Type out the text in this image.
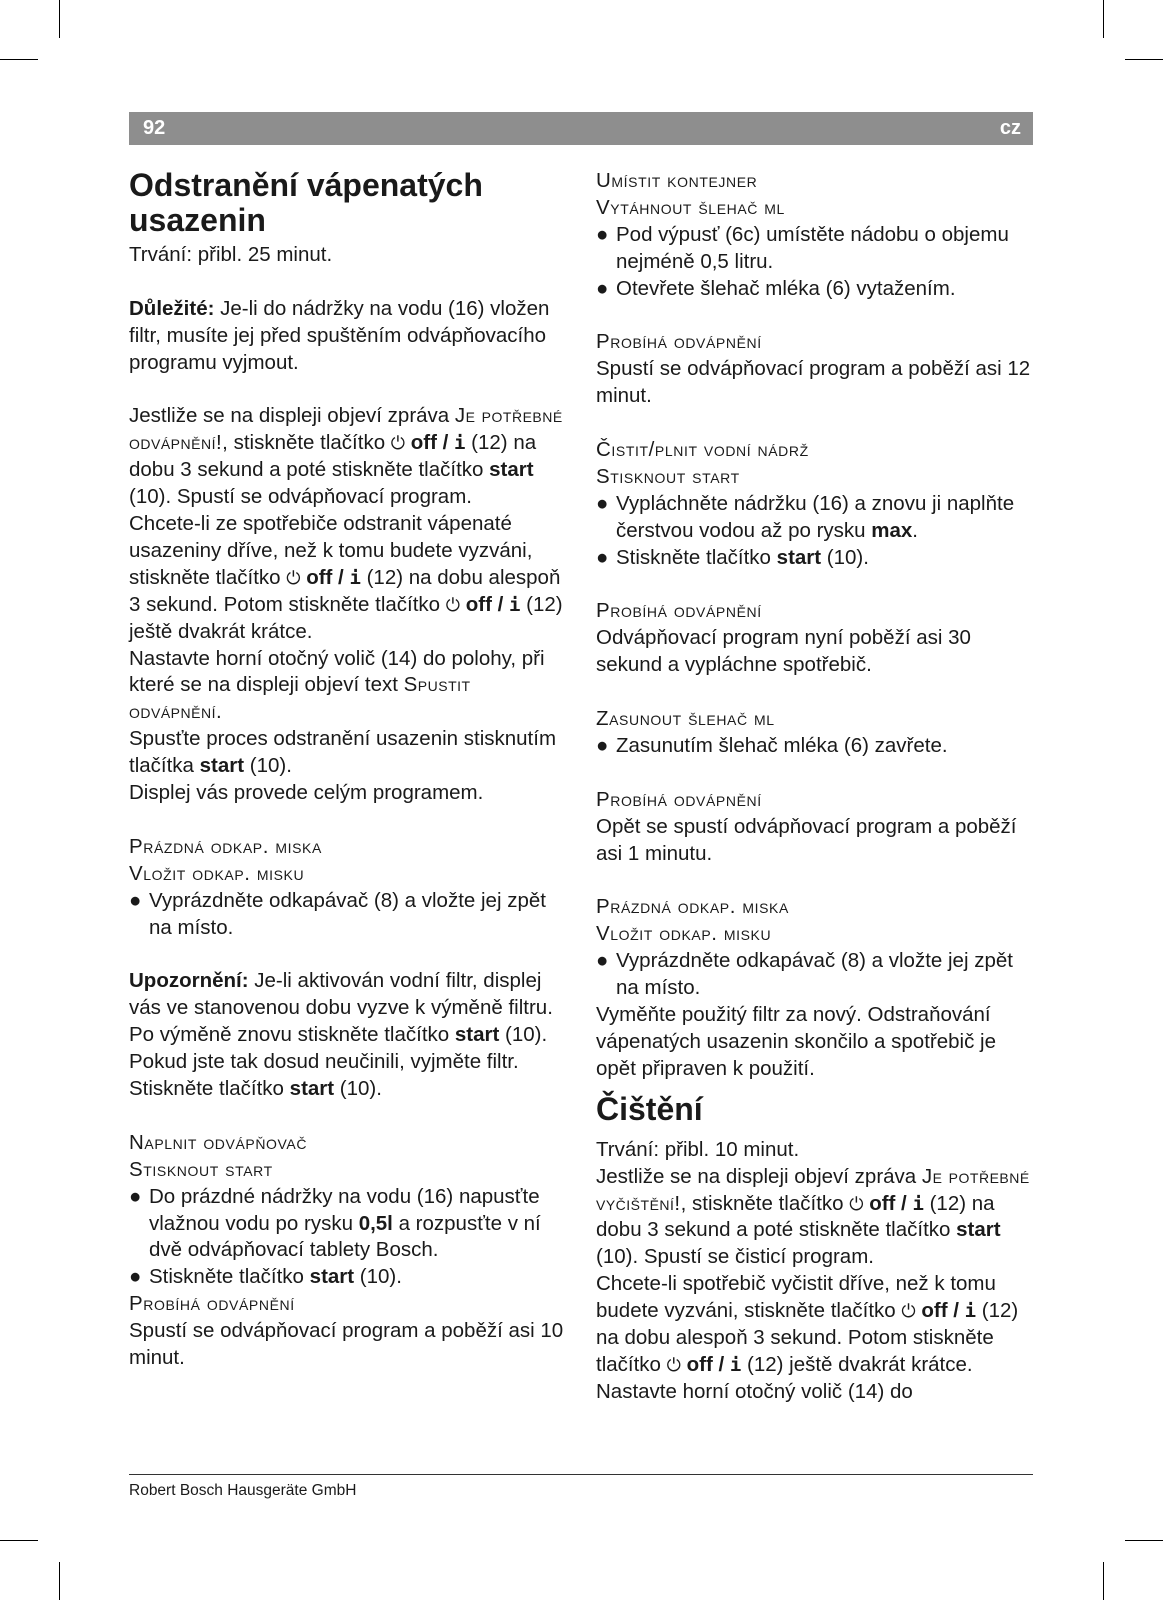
92	cz
Odstranění vápenatých usazenin

Trvání: přibl. 25 minut.

Důležité: Je-li do nádržky na vodu (16) vložen filtr, musíte jej před spuštěním odvápňovacího programu vyjmout.

Jestliže se na displeji objeví zpráva Je potřebné odvápnění!, stiskněte tlačítko ⏻ off / i (12) na dobu 3 sekund a poté stiskněte tlačítko start (10). Spustí se odvápňovací program.

Chcete-li ze spotřebiče odstranit vápenaté usazeniny dříve, než k tomu budete vyzváni, stiskněte tlačítko ⏻ off / i (12) na dobu alespoň 3 sekund. Potom stiskněte tlačítko ⏻ off / i (12) ještě dvakrát krátce.

Nastavte horní otočný volič (14) do polohy, při které se na displeji objeví text Spustit odvápnění.

Spusťte proces odstranění usazenin stisknutím tlačítka start (10).

Displej vás provede celým programem.

Prázdná odkap. miska

Vložit odkap. misku

● Vyprázdněte odkapávač (8) a vložte jej zpět na místo.

Upozornění: Je-li aktivován vodní filtr, displej vás ve stanovenou dobu vyzve k výměně filtru. Po výměně znovu stiskněte tlačítko start (10). Pokud jste tak dosud neučinili, vyjměte filtr. Stiskněte tlačítko start (10).

Naplnit odvápňovač

Stisknout start

● Do prázdné nádržky na vodu (16) napusťte vlažnou vodu po rysku 0,5l a rozpusťte v ní dvě odvápňovací tablety Bosch.
● Stiskněte tlačítko start (10).

Probíhá odvápnění

Spustí se odvápňovací program a poběží asi 10 minut.

Umístit kontejner

Vytáhnout šlehač ml

● Pod výpusť (6c) umístěte nádobu o objemu nejméně 0,5 litru.
● Otevřete šlehač mléka (6) vytažením.

Probíhá odvápnění

Spustí se odvápňovací program a poběží asi 12 minut.

Čistit/plnit vodní nádrž

Stisknout start

● Vypláchněte nádržku (16) a znovu ji naplňte čerstvou vodou až po rysku max.
● Stiskněte tlačítko start (10).

Probíhá odvápnění

Odvápňovací program nyní poběží asi 30 sekund a vypláchne spotřebič.

Zasunout šlehač ml

● Zasunutím šlehač mléka (6) zavřete.

Probíhá odvápnění

Opět se spustí odvápňovací program a poběží asi 1 minutu.

Prázdná odkap. miska

Vložit odkap. misku

● Vyprázdněte odkapávač (8) a vložte jej zpět na místo.

Vyměňte použitý filtr za nový. Odstraňování vápenatých usazenin skončilo a spotřebič je opět připraven k použití.

Čištění

Trvání: přibl. 10 minut.

Jestliže se na displeji objeví zpráva Je potřebné vyčištění!, stiskněte tlačítko ⏻ off / i (12) na dobu 3 sekund a poté stiskněte tlačítko start (10). Spustí se čisticí program.

Chcete-li spotřebič vyčistit dříve, než k tomu budete vyzváni, stiskněte tlačítko ⏻ off / i (12) na dobu alespoň 3 sekund. Potom stiskněte tlačítko ⏻ off / i (12) ještě dvakrát krátce. Nastavte horní otočný volič (14) do

Robert Bosch Hausgeräte GmbH
